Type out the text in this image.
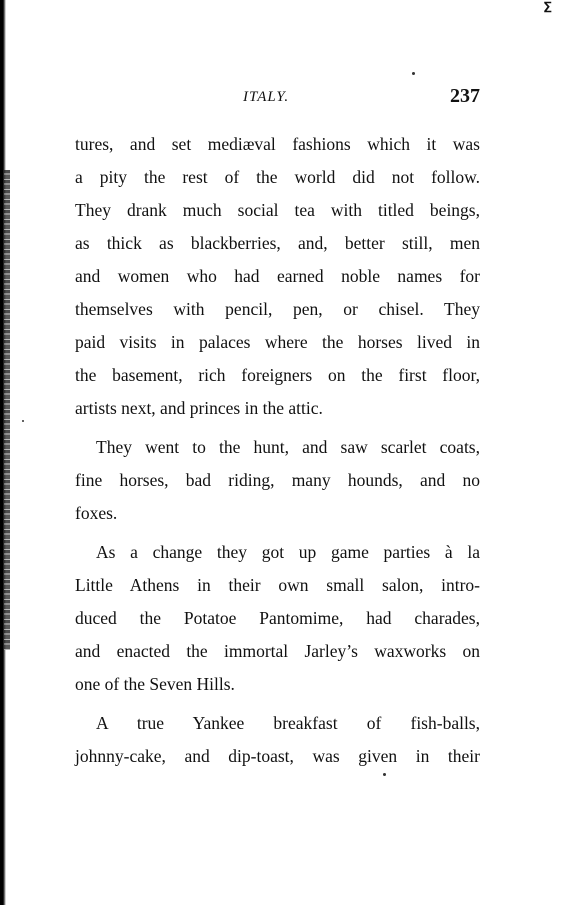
ⵉ
ITALY.	237
tures, and set mediæval fashions which it was
a pity the rest of the world did not follow.
They drank much social tea with titled beings,
as thick as blackberries, and, better still, men
and women who had earned noble names for
themselves with pencil, pen, or chisel. They
paid visits in palaces where the horses lived in
the basement, rich foreigners on the first floor,
artists next, and princes in the attic.
They went to the hunt, and saw scarlet coats,
fine horses, bad riding, many hounds, and no
foxes.
As a change they got up game parties à la
Little Athens in their own small salon, intro-
duced the Potatoe Pantomime, had charades,
and enacted the immortal Jarley’s waxworks on
one of the Seven Hills.
A true Yankee breakfast of fish-balls,
johnny-cake, and dip-toast, was given in their
